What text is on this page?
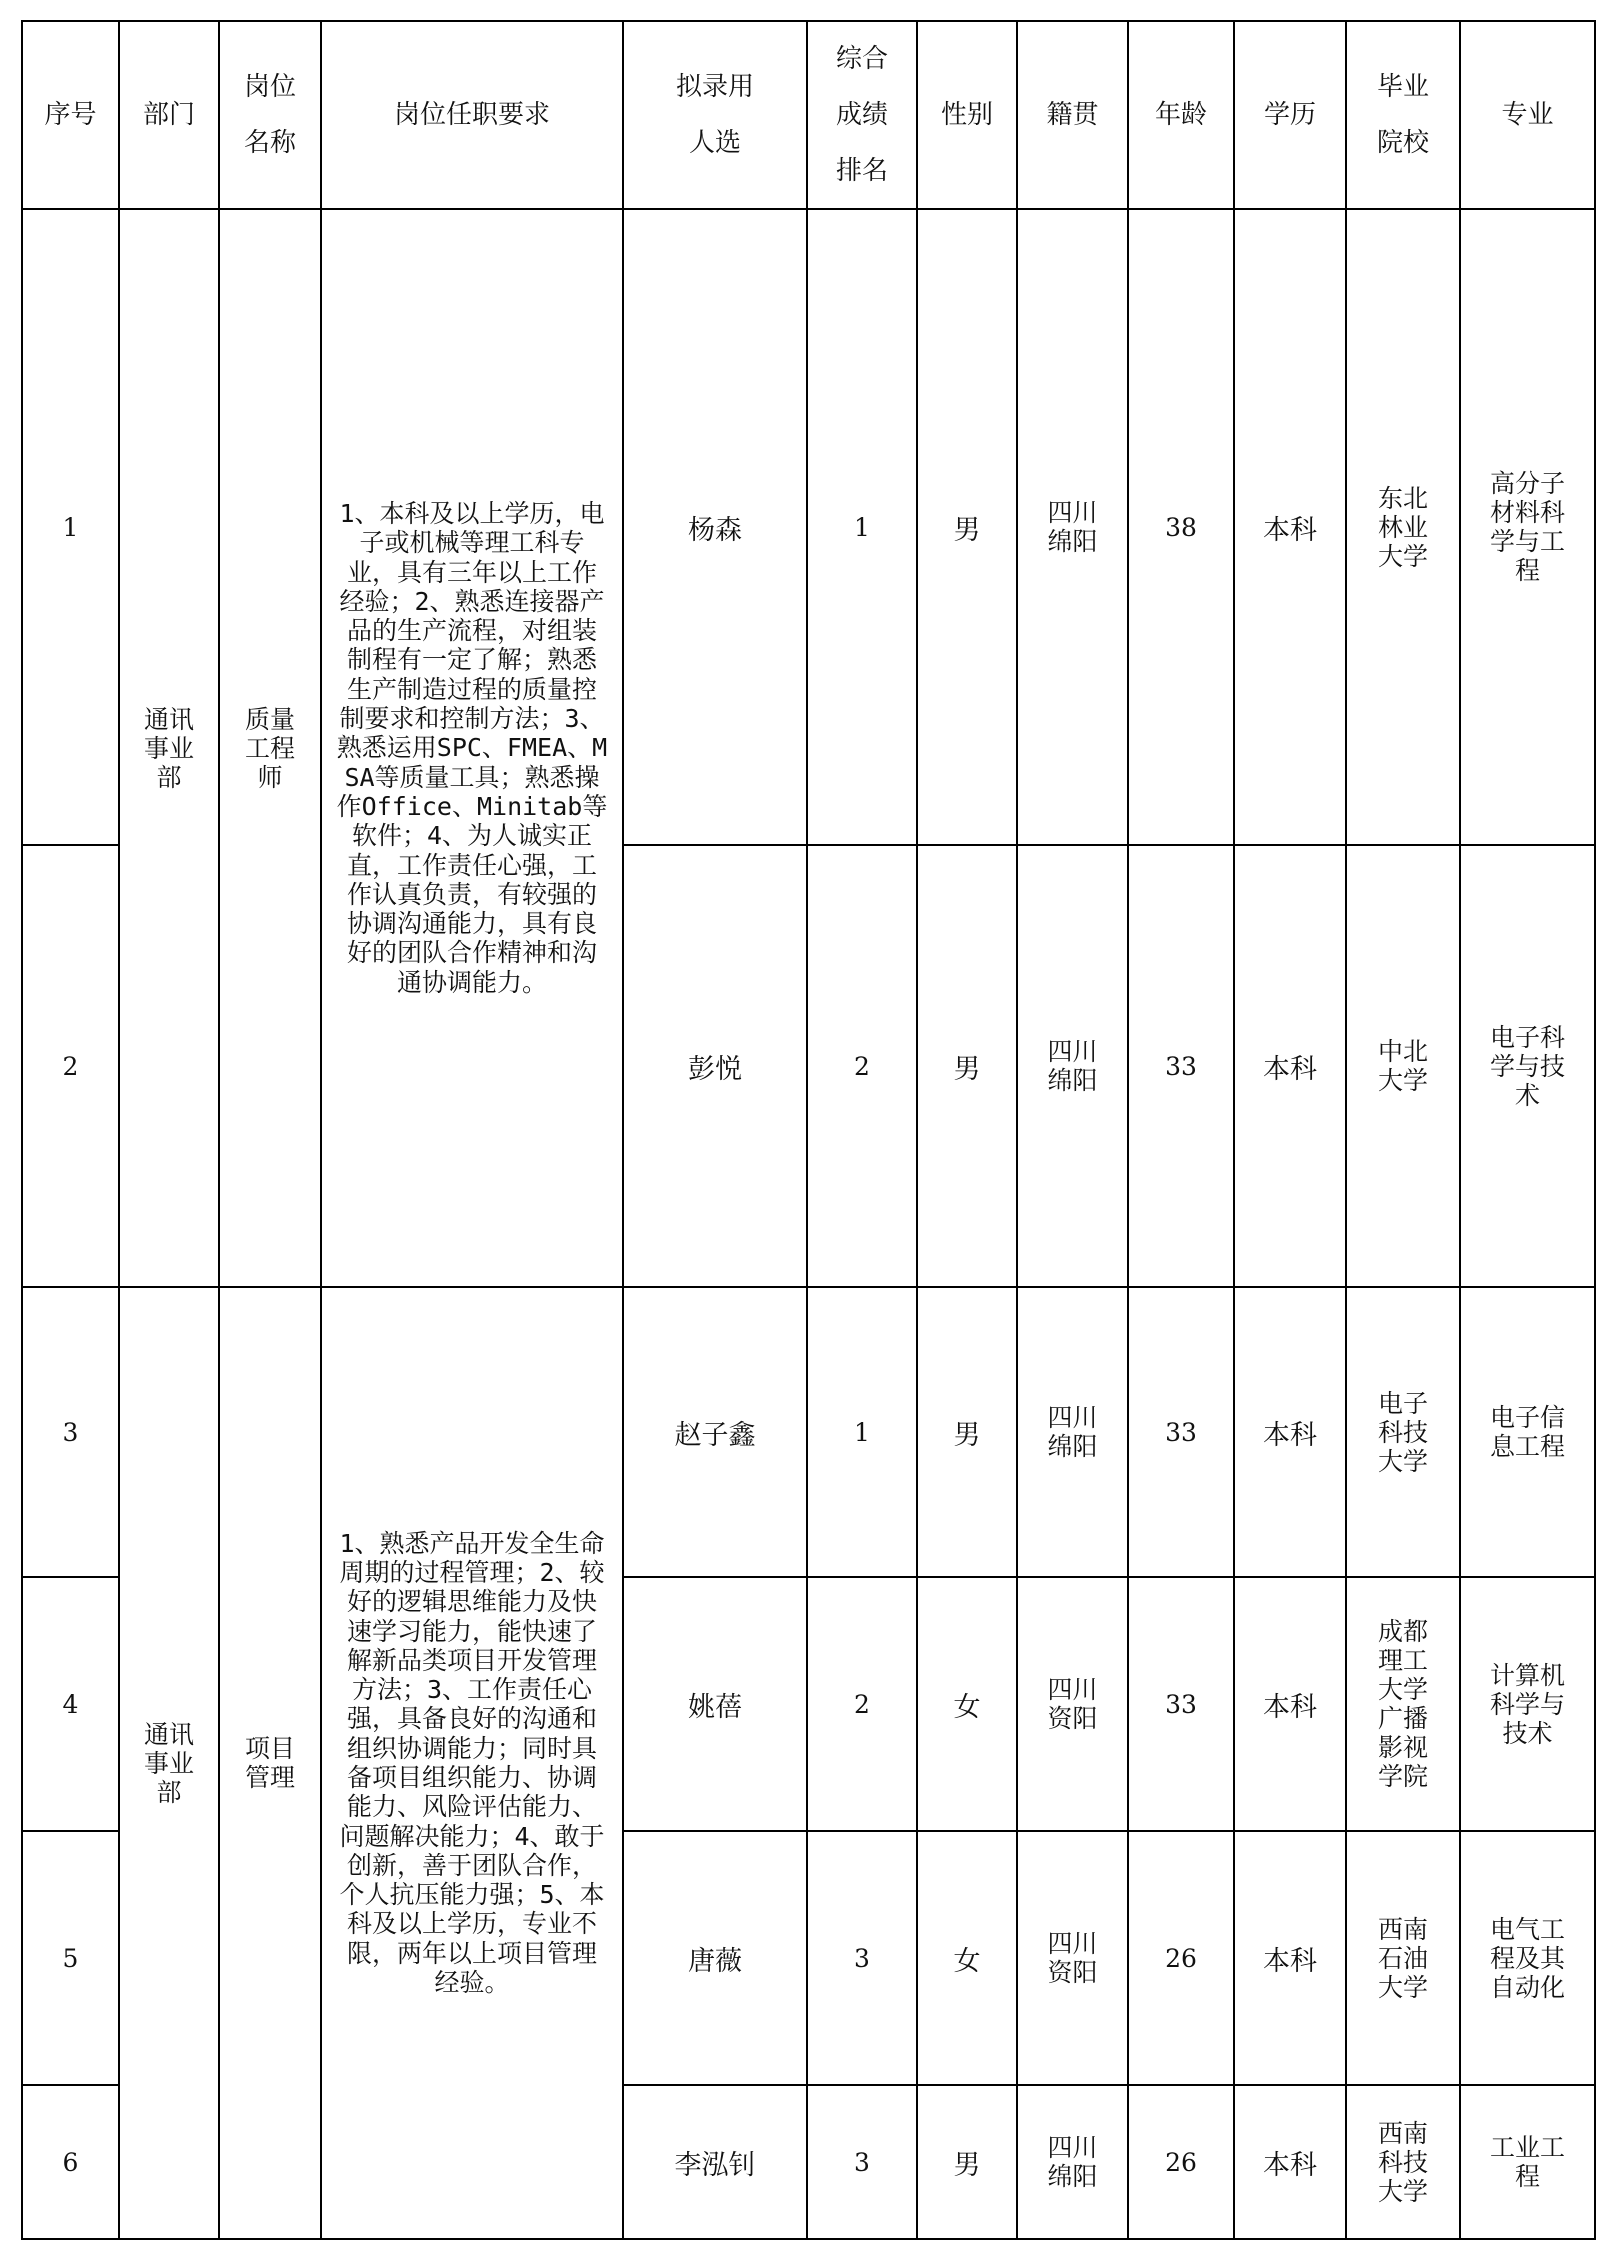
序号	部门	岗位名称	岗位任职要求	拟录用人选	综合成绩排名	性别	籍贯	年龄	学历	毕业院校	专业
1	通讯事业部	质量工程师	1、本科及以上学历，电子或机械等理工科专业，具有三年以上工作经验；2、熟悉连接器产品的生产流程，对组装制程有一定了解；熟悉生产制造过程的质量控制要求和控制方法；3、熟悉运用SPC、FMEA、MSA等质量工具；熟悉操作Office、Minitab等软件；4、为人诚实正直，工作责任心强，工作认真负责，有较强的协调沟通能力，具有良好的团队合作精神和沟通协调能力。	杨森	1	男	四川绵阳	38	本科	东北林业大学	高分子材料科学与工程
2				彭悦	2	男	四川绵阳	33	本科	中北大学	电子科学与技术
3	通讯事业部	项目管理	1、熟悉产品开发全生命周期的过程管理；2、较好的逻辑思维能力及快速学习能力，能快速了解新品类项目开发管理方法；3、工作责任心强，具备良好的沟通和组织协调能力；同时具备项目组织能力、协调能力、风险评估能力、问题解决能力；4、敢于创新，善于团队合作，个人抗压能力强；5、本科及以上学历，专业不限，两年以上项目管理经验。	赵子鑫	1	男	四川绵阳	33	本科	电子科技大学	电子信息工程
4				姚蓓	2	女	四川资阳	33	本科	成都理工大学广播影视学院	计算机科学与技术
5				唐薇	3	女	四川资阳	26	本科	西南石油大学	电气工程及其自动化
6				李泓钊	3	男	四川绵阳	26	本科	西南科技大学	工业工程
